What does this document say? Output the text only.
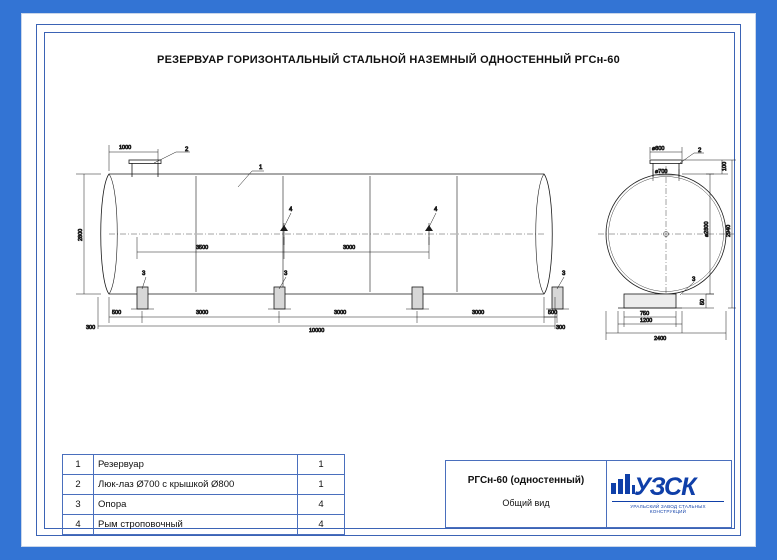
РЕЗЕРВУАР ГОРИЗОНТАЛЬНЫЙ СТАЛЬНОЙ НАЗЕМНЫЙ ОДНОСТЕННЫЙ РГСн-60
1000
2800
3500	3000
500	3000	3000	3000	500
300	300
10000
2
1
4	4
3	3	3
⌀800
⌀700
100
⌀2800	2940
50
750
1200
2400
2
3
1	Резервуар	1
2	Люк-лаз Ø700 с крышкой Ø800	1
3	Опора	4
4	Рым строповочный	4
РГСн-60 (одностенный)
Общий вид
УЗСК
УРАЛЬСКИЙ ЗАВОД СТАЛЬНЫХ КОНСТРУКЦИЙ
